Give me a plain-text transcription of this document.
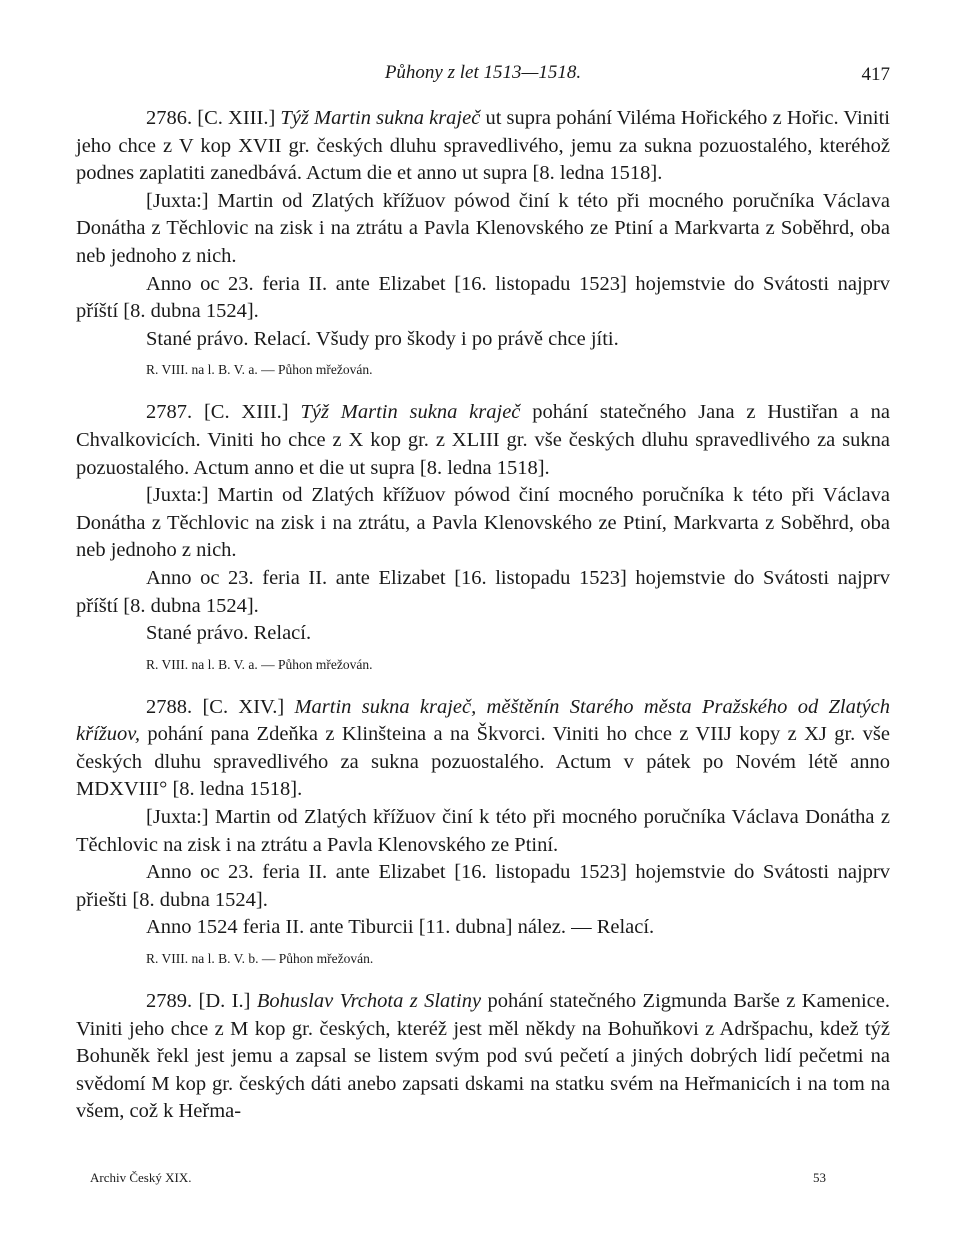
Půhony z let 1513—1518.	417

2786. [C. XIII.] Týž Martin sukna kraječ ut supra pohání Viléma Hořického z Hořic. Viniti jeho chce z V kop XVII gr. českých dluhu spravedlivého, jemu za sukna pozuostalého, kteréhož podnes zaplatiti zanedbává. Actum die et anno ut supra [8. ledna 1518].

[Juxta:] Martin od Zlatých křížuov pówod činí k této při mocného poručníka Václava Donátha z Těchlovic na zisk i na ztrátu a Pavla Klenovského ze Ptiní a Markvarta z Soběhrd, oba neb jednoho z nich.

Anno oc 23. feria II. ante Elizabet [16. listopadu 1523] hojemstvie do Svátosti najprv příští [8. dubna 1524].

Stané právo. Relací. Všudy pro škody i po právě chce jíti.

R. VIII. na l. B. V. a. — Půhon mřežován.

2787. [C. XIII.] Týž Martin sukna kraječ pohání statečného Jana z Hustiřan a na Chvalkovicích. Viniti ho chce z X kop gr. z XLIII gr. vše českých dluhu spravedlivého za sukna pozuostalého. Actum anno et die ut supra [8. ledna 1518].

[Juxta:] Martin od Zlatých křížuov pówod činí mocného poručníka k této při Václava Donátha z Těchlovic na zisk i na ztrátu, a Pavla Klenovského ze Ptiní, Markvarta z Soběhrd, oba neb jednoho z nich.

Anno oc 23. feria II. ante Elizabet [16. listopadu 1523] hojemstvie do Svátosti najprv příští [8. dubna 1524].

Stané právo. Relací.

R. VIII. na l. B. V. a. — Půhon mřežován.

2788. [C. XIV.] Martin sukna kraječ, měštěnín Starého města Pražského od Zlatých křížuov, pohání pana Zdeňka z Klinšteina a na Škvorci. Viniti ho chce z VIIJ kopy z XJ gr. vše českých dluhu spravedlivého za sukna pozuostalého. Actum v pátek po Novém létě anno MDXVIII° [8. ledna 1518].

[Juxta:] Martin od Zlatých křížuov činí k této při mocného poručníka Václava Donátha z Těchlovic na zisk i na ztrátu a Pavla Klenovského ze Ptiní.

Anno oc 23. feria II. ante Elizabet [16. listopadu 1523] hojemstvie do Svátosti najprv přiešti [8. dubna 1524].

Anno 1524 feria II. ante Tiburcii [11. dubna] nález. — Relací.

R. VIII. na l. B. V. b. — Půhon mřežován.

2789. [D. I.] Bohuslav Vrchota z Slatiny pohání statečného Zigmunda Barše z Kamenice. Viniti jeho chce z M kop gr. českých, kteréž jest měl někdy na Bohuňkovi z Adršpachu, kdež týž Bohuněk řekl jest jemu a zapsal se listem svým pod svú pečetí a jiných dobrých lidí pečetmi na svědomí M kop gr. českých dáti anebo zapsati dskami na statku svém na Heřmanicích i na tom na všem, což k Heřma-

Archiv Český XIX.	53
